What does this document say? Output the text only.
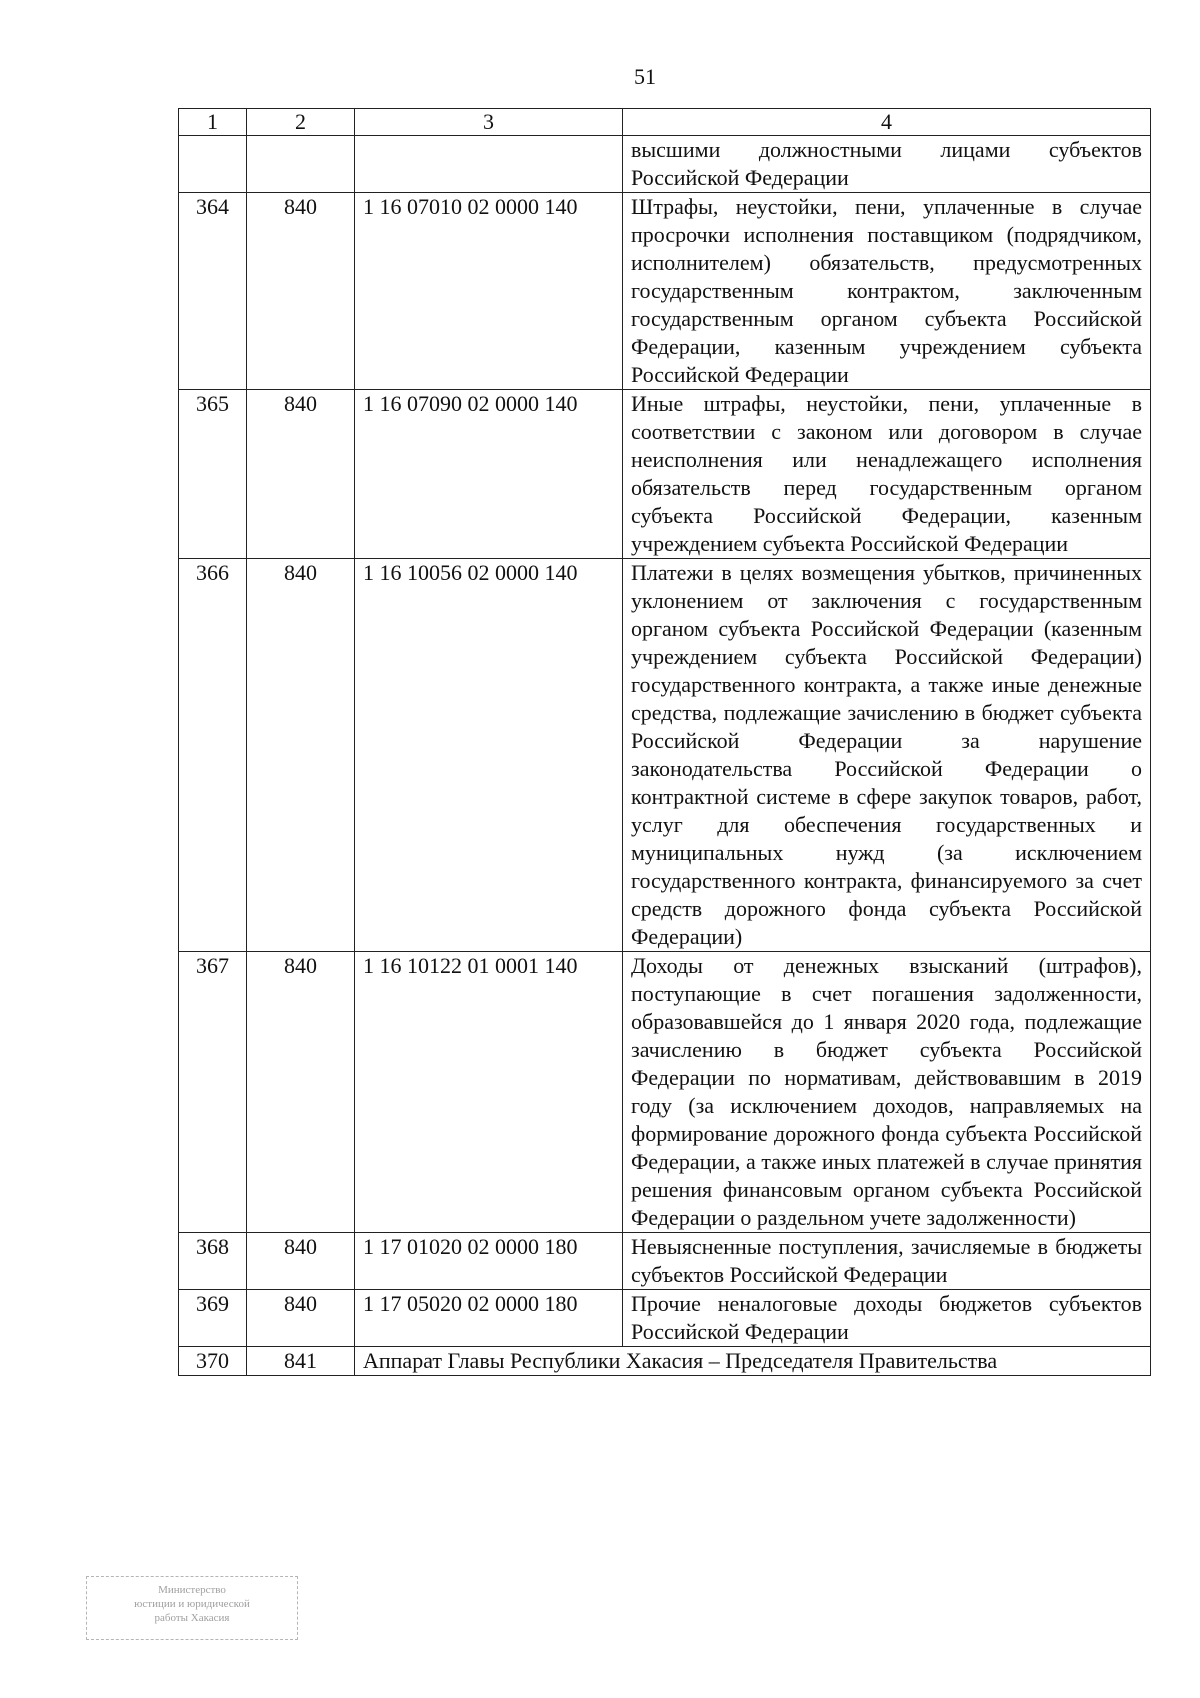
51
1	2	3	4
			высшими должностными лицами субъектов Российской Федерации
364	840	1 16 07010 02 0000 140	Штрафы, неустойки, пени, уплаченные в случае просрочки исполнения поставщиком (подрядчиком, исполнителем) обязательств, предусмотренных государственным контрактом, заключенным государственным органом субъекта Российской Федерации, казенным учреждением субъекта Российской Федерации
365	840	1 16 07090 02 0000 140	Иные штрафы, неустойки, пени, уплаченные в соответствии с законом или договором в случае неисполнения или ненадлежащего исполнения обязательств перед государственным органом субъекта Российской Федерации, казенным учреждением субъекта Российской Федерации
366	840	1 16 10056 02 0000 140	Платежи в целях возмещения убытков, причиненных уклонением от заключения с государственным органом субъекта Российской Федерации (казенным учреждением субъекта Российской Федерации) государственного контракта, а также иные денежные средства, подлежащие зачислению в бюджет субъекта Российской Федерации за нарушение законодательства Российской Федерации о контрактной системе в сфере закупок товаров, работ, услуг для обеспечения государственных и муниципальных нужд (за исключением государственного контракта, финансируемого за счет средств дорожного фонда субъекта Российской Федерации)
367	840	1 16 10122 01 0001 140	Доходы от денежных взысканий (штрафов), поступающие в счет погашения задолженности, образовавшейся до 1 января 2020 года, подлежащие зачислению в бюджет субъекта Российской Федерации по нормативам, действовавшим в 2019 году (за исключением доходов, направляемых на формирование дорожного фонда субъекта Российской Федерации, а также иных платежей в случае принятия решения финансовым органом субъекта Российской Федерации о раздельном учете задолженности)
368	840	1 17 01020 02 0000 180	Невыясненные поступления, зачисляемые в бюджеты субъектов Российской Федерации
369	840	1 17 05020 02 0000 180	Прочие неналоговые доходы бюджетов субъектов Российской Федерации
370	841	Аппарат Главы Республики Хакасия – Председателя Правительства	
Министерство
юстиции и юридической
работы Хакасия
